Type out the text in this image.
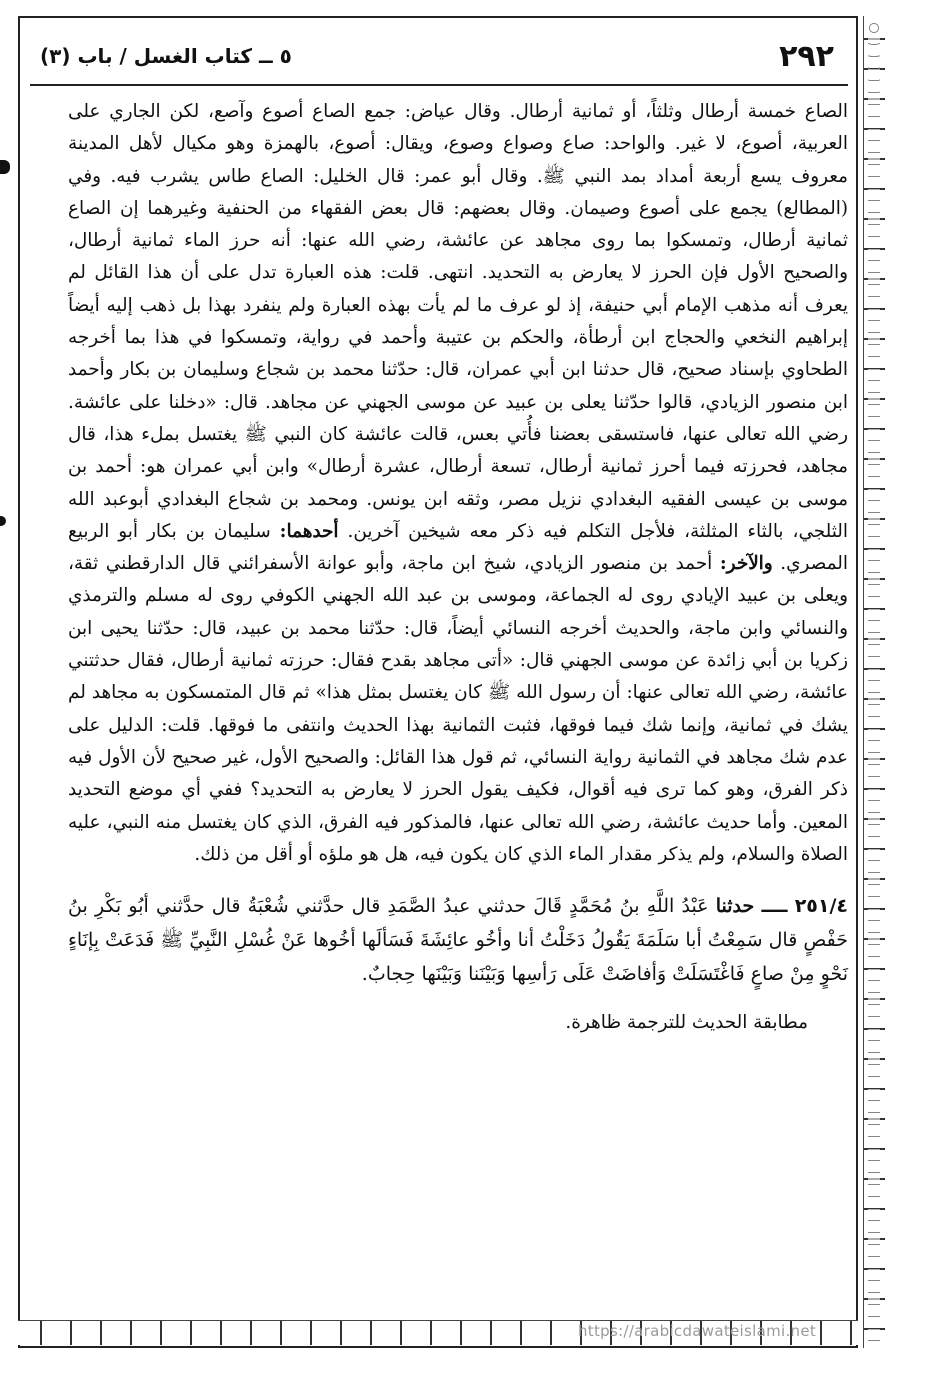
٢٩٢
٥ ــ كتاب الغسل / باب (٣)

الصاع خمسة أرطال وثلثاً، أو ثمانية أرطال. وقال عياض: جمع الصاع أصوع وآصع، لكن الجاري على العربية، أصوع، لا غير. والواحد: صاع وصواع وصوع، ويقال: أصوع، بالهمزة وهو مكيال لأهل المدينة معروف يسع أربعة أمداد بمد النبي ﷺ. وقال أبو عمر: قال الخليل: الصاع طاس يشرب فيه. وفي (المطالع) يجمع على أصوع وصيمان. وقال بعضهم: قال بعض الفقهاء من الحنفية وغيرهما إن الصاع ثمانية أرطال، وتمسكوا بما روى مجاهد عن عائشة، رضي الله عنها: أنه حرز الماء ثمانية أرطال، والصحيح الأول فإن الحرز لا يعارض به التحديد. انتهى. قلت: هذه العبارة تدل على أن هذا القائل لم يعرف أنه مذهب الإمام أبي حنيفة، إذ لو عرف ما لم يأت بهذه العبارة ولم ينفرد بهذا بل ذهب إليه أيضاً إبراهيم النخعي والحجاج ابن أرطأة، والحكم بن عتيبة وأحمد في رواية، وتمسكوا في هذا بما أخرجه الطحاوي بإسناد صحيح، قال حدثنا ابن أبي عمران، قال: حدّثنا محمد بن شجاع وسليمان بن بكار وأحمد ابن منصور الزيادي، قالوا حدّثنا يعلى بن عبيد عن موسى الجهني عن مجاهد. قال: «دخلنا على عائشة. رضي الله تعالى عنها، فاستسقى بعضنا فأُتي بعس، قالت عائشة كان النبي ﷺ يغتسل بملء هذا، قال مجاهد، فحرزته فيما أحرز ثمانية أرطال، تسعة أرطال، عشرة أرطال» وابن أبي عمران هو: أحمد بن موسى بن عيسى الفقيه البغدادي نزيل مصر، وثقه ابن يونس. ومحمد بن شجاع البغدادي أبوعبد الله الثلجي، بالثاء المثلثة، فلأجل التكلم فيه ذكر معه شيخين آخرين. أحدهما: سليمان بن بكار أبو الربيع المصري. والآخر: أحمد بن منصور الزيادي، شيخ ابن ماجة، وأبو عوانة الأسفرائني قال الدارقطني ثقة، ويعلى بن عبيد الإيادي روى له الجماعة، وموسى بن عبد الله الجهني الكوفي روى له مسلم والترمذي والنسائي وابن ماجة، والحديث أخرجه النسائي أيضاً، قال: حدّثنا محمد بن عبيد، قال: حدّثنا يحيى ابن زكريا بن أبي زائدة عن موسى الجهني قال: «أتى مجاهد بقدح فقال: حرزته ثمانية أرطال، فقال حدثتني عائشة، رضي الله تعالى عنها: أن رسول الله ﷺ كان يغتسل بمثل هذا» ثم قال المتمسكون به مجاهد لم يشك في ثمانية، وإنما شك فيما فوقها، فثبت الثمانية بهذا الحديث وانتفى ما فوقها. قلت: الدليل على عدم شك مجاهد في الثمانية رواية النسائي، ثم قول هذا القائل: والصحيح الأول، غير صحيح لأن الأول فيه ذكر الفرق، وهو كما ترى فيه أقوال، فكيف يقول الحرز لا يعارض به التحديد؟ ففي أي موضع التحديد المعين. وأما حديث عائشة، رضي الله تعالى عنها، فالمذكور فيه الفرق، الذي كان يغتسل منه النبي، عليه الصلاة والسلام، ولم يذكر مقدار الماء الذي كان يكون فيه، هل هو ملؤه أو أقل من ذلك.

٢٥١/٤ ــــ حدثنا عَبْدُ اللَّهِ بنُ مُحَمَّدٍ قَالَ حدثني عبدُ الصَّمَدِ قال حدَّثني شُعْبَةُ قال حدَّثني أبُو بَكْرِ بنُ حَفْصٍ قال سَمِعْتُ أبا سَلَمَةَ يَقُولُ دَخَلْتُ أنا وأخُو عائِشَةَ فَسَألَها أخُوها عَنْ غُسْلِ النَّبِيِّ ﷺ فَدَعَتْ بِإنَاءٍ نَحْوٍ مِنْ صاعٍ فَاغْتَسَلَتْ وَأفاضَتْ عَلَى رَأسِها وَبَيْنَنا وَبَيْنَها حِجابٌ.

مطابقة الحديث للترجمة ظاهرة.

https://arabicdawateislami.net
